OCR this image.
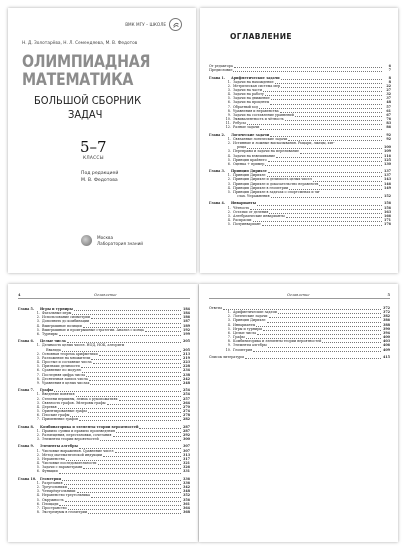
ВМК МГУ – ШКОЛЕ
Н. Д. Золотарёва, Н. Л. Семендяева, М. В. Федотов
ОЛИМПИАДНАЯ
МАТЕМАТИКА
БОЛЬШОЙ СБОРНИК
ЗАДАЧ
5–7
КЛАССЫ
Под редакцией
М. В. Федотова
Москва
Лаборатория знаний
ОГЛАВЛЕНИЕ
От редактора	6
Предисловие	7
Глава 1.	Арифметические задачи	8
1. Задачи на нахождение	8
2. Метрическая система мер	22
3. Задачи на части	27
4. Задачи на работу	32
5. Задачи на движение	37
6. Задачи на проценты	48
7. Обратный ход	57
8. Уравнения и неравенства	61
9. Задачи на составление уравнений	67
10. Эквивалентность и чётность	76
11. Ребусы	83
12. Разные задачи	86
Глава 2.	Логические задачи	92
1. Связанные логические задачи	92
2. Истинные и ложные высказывания. Рыцари, лжецы, хит-
рецы	100
3. Переправы и задачи на переливание	109
4. Задачи на взвешивание	116
5. Принцип крайнего	125
6. Оценка + пример	130
Глава 3.	Принцип Дирихле	137
1. Принцип Дирихле	137
2. Принцип Дирихле и делимость целых чисел	143
3. Принцип Дирихле и доказательство неравенств	146
4. Принцип Дирихле в геометрии	149
5. Принцип Дирихле в задачах о спортсменах и чи-
слах. Упражнения	152
Глава 4.	Инварианты	156
1. Чётность	156
2. Остатки от деления	163
3. Алгебраические инварианты	166
4. Раскраски	171
5. Полуинвариант	176
4	Оглавление
Глава 5.	Игры и турниры	184
1. Фатальные игры	184
2. Использование симметрии	186
3. Дополнить до комбинации	187
4. Выигрышные позиции	189
5. Выигрышные и проигрышные стратегии. Анализ с конца	192
6. Турниры	199
Глава 6.	Целые числа	205
1. Делимость целых чисел. НОД, НОК, алгоритм
Евклида	205
2. Основная теорема арифметики	213
3. Разложение на множители	219
4. Простые и составные числа	223
5. Признаки делимости	228
6. Сравнение по модулю	234
7. Последняя цифра числа	238
8. Десятичная запись числа	242
9. Уравнения в целых числах	248
Глава 7.	Графы	254
1. Введение понятия	254
2. Степени вершины, лемма о рукопожатиях	257
3. Связность графов. Эйлеровы графы	264
4. Деревья	270
5. Ориентированные графы	274
6. Плоские графы	278
7. Применение графов	282
Глава 8.	Комбинаторика и элементы теории вероятностей	287
1. Правило суммы и правило произведения	287
2. Размещения, перестановки, сочетания	292
3. Элементы теории вероятностей	300
Глава 9.	Элементы алгебры	307
1. Числовые выражения. Сравнение чисел	307
2. Метод математической индукции	313
3. Неравенства	317
4. Числовые последовательности	321
5. Задачи с параметрами	326
6. Функции	331
Глава 10.	Геометрия	336
1. Разрезания	336
2. Треугольники	342
3. Четырёхугольники	348
4. Неравенство треугольника	352
5. Окружность	356
6. Площади	361
7. Пространство	364
8. Экстремумы в геометрии	368
Оглавление	5
Ответы	372
1. Арифметические задачи	372
2. Логические задачи	382
3. Принцип Дирихле	386
4. Инварианты	388
5. Игры и турниры	390
6. Целые числа	394
7. Графы	400
8. Комбинаторика и элементы теории вероятностей	403
9. Элементы алгебры	406
10. Геометрия	409
Список литературы	415
